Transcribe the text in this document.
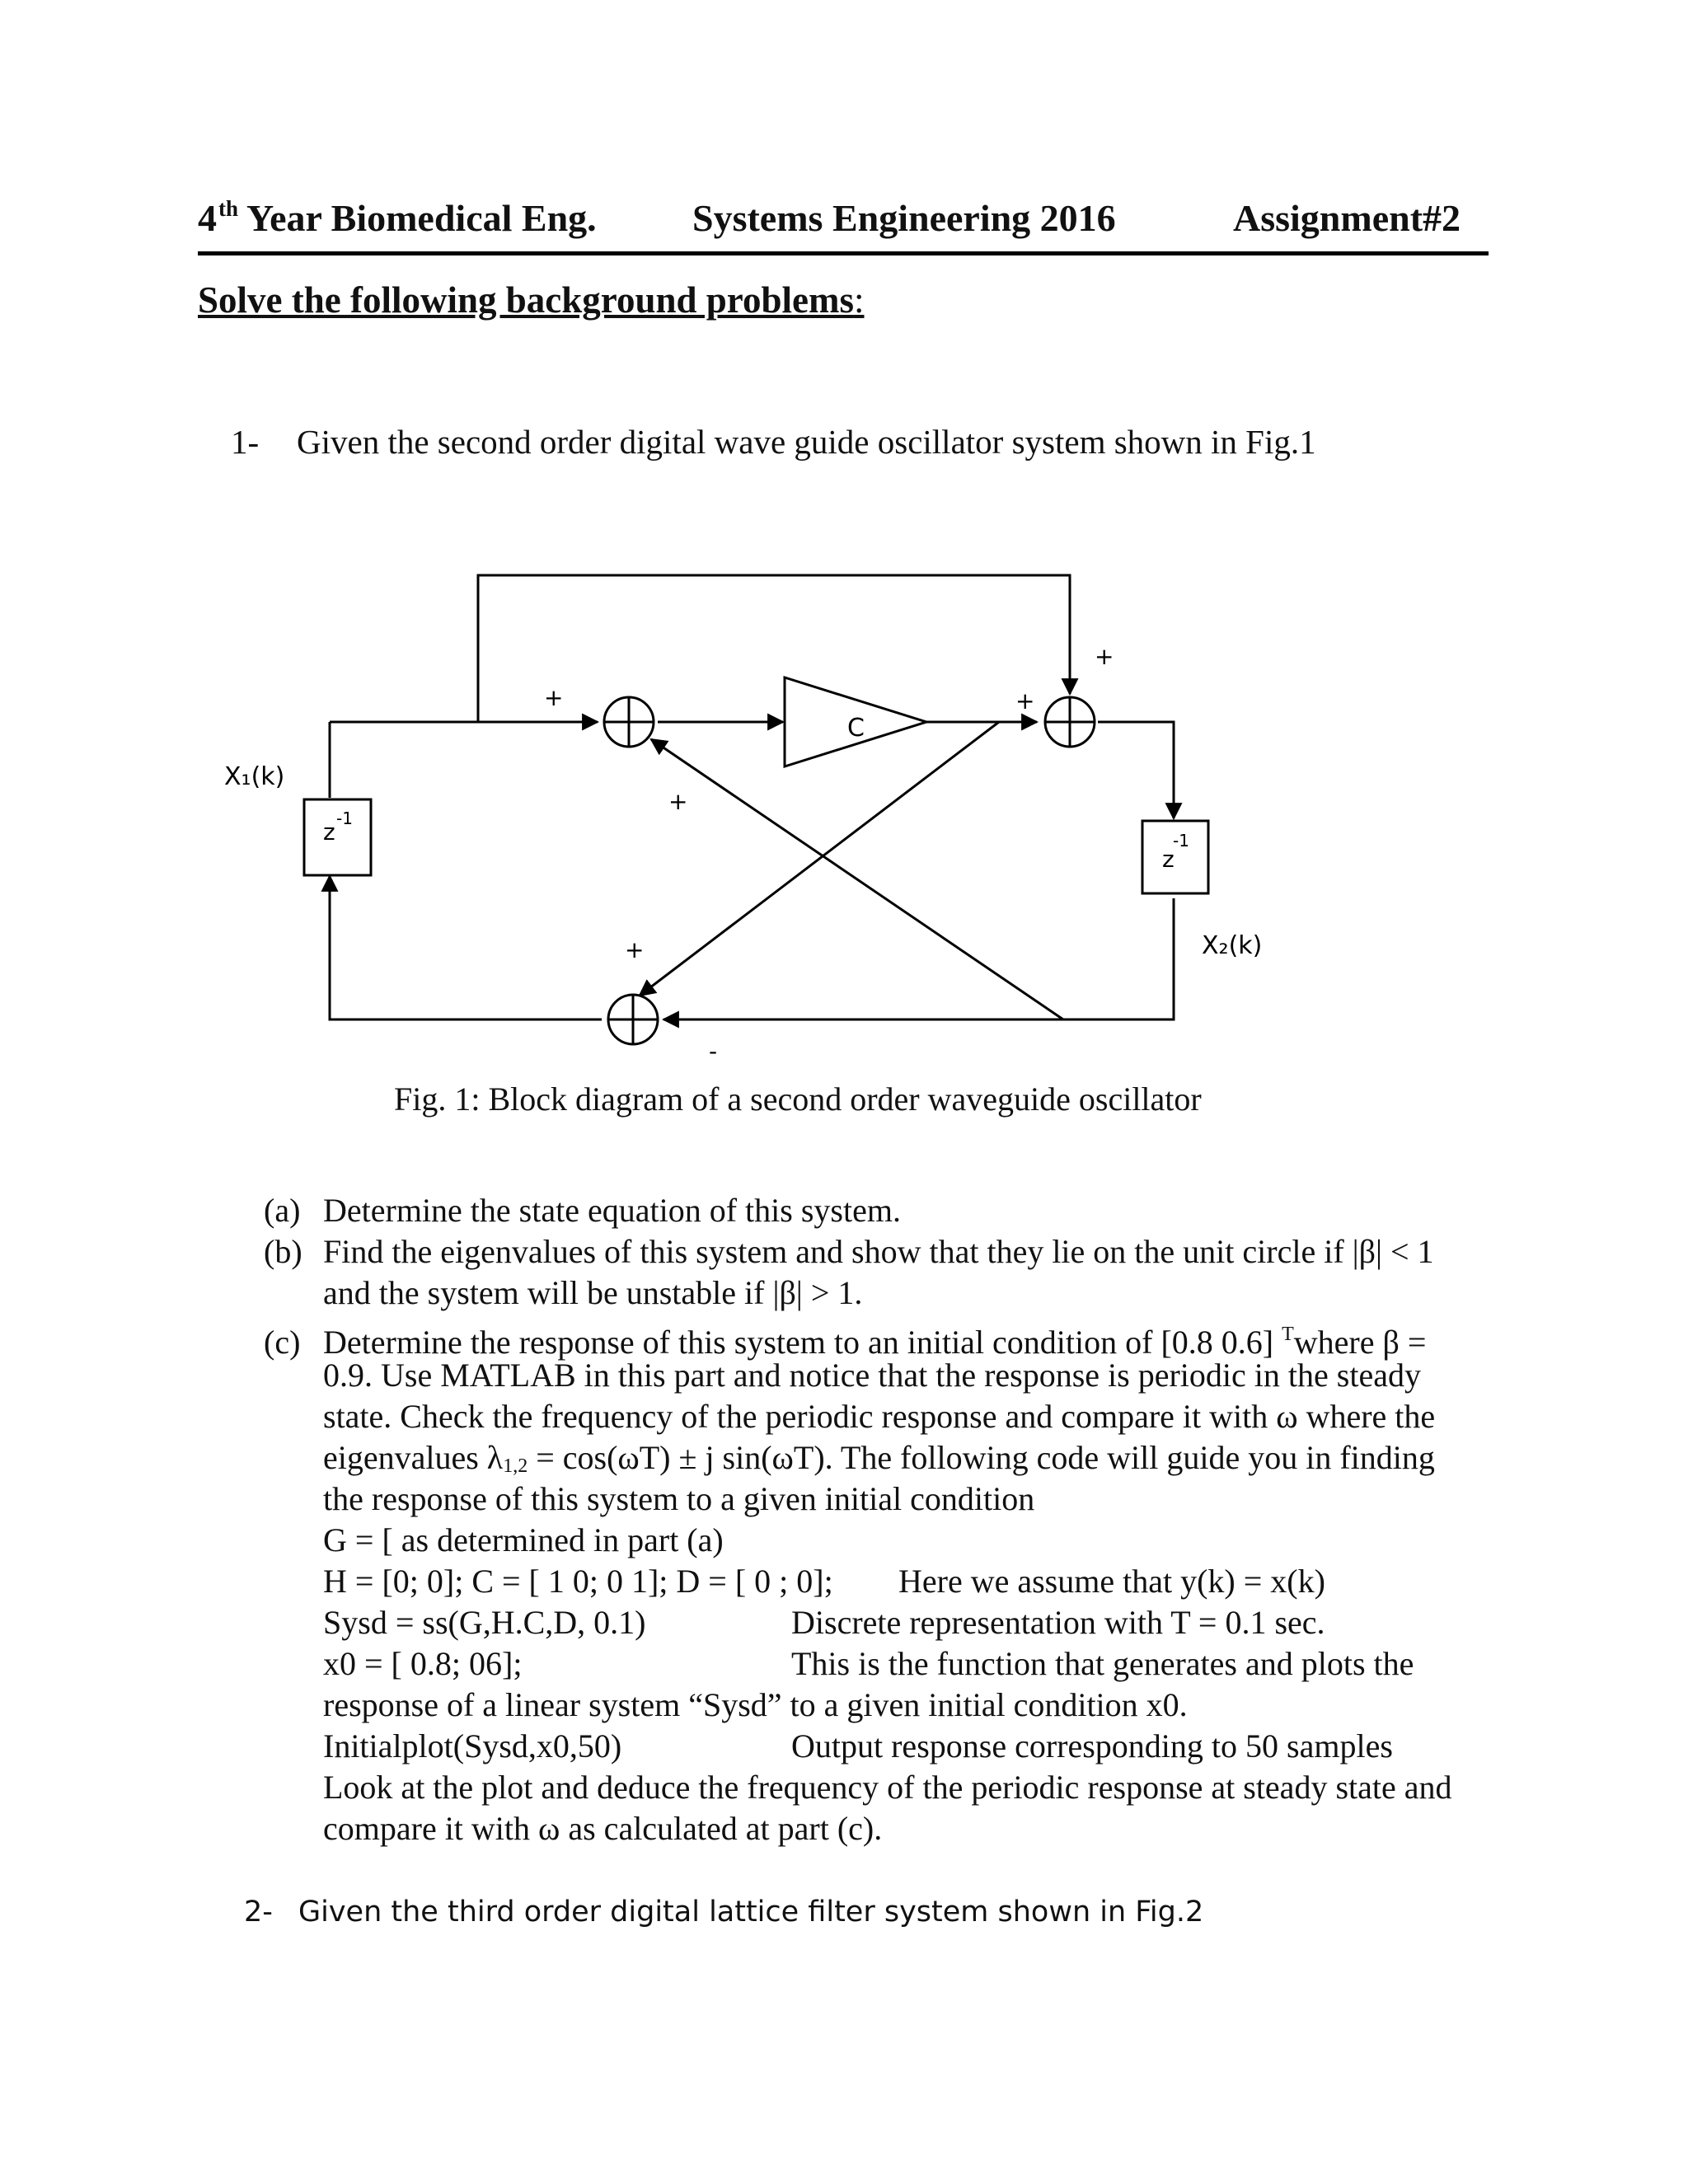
4th Year Biomedical Eng.	Systems Engineering 2016	Assignment#2
Solve the following background problems:
1- Given the second order digital wave guide oscillator system shown in Fig.1
C
z -1
-1
z
X₁(k)
X₂(k)
+
+
+
+
+
-
Fig. 1: Block diagram of a second order waveguide oscillator
(a) Determine the state equation of this system.
(b) Find the eigenvalues of this system and show that they lie on the unit circle if |β| < 1
and the system will be unstable if |β| > 1.
(c) Determine the response of this system to an initial condition of [0.8 0.6] $^T$where β =
0.9. Use MATLAB in this part and notice that the response is periodic in the steady
state. Check the frequency of the periodic response and compare it with ω where the
eigenvalues $\lambda_{1,2} = \cos(\omega T) \pm j$ sin(ωT). The following code will guide you in finding
the response of this system to a given initial condition
G = [ as determined in part (a)
H = [0; 0]; C = [ 1 0; 0 1]; D = [ 0 ; 0]; Here we assume that y(k) = x(k)
Sysd = ss(G,H.C,D, 0.1)	Discrete representation with T = 0.1 sec.
x0 = [ 0.8; 06];	This is the function that generates and plots the
response of a linear system “Sysd” to a given initial condition x0.
Initialplot(Sysd,x0,50)	Output response corresponding to 50 samples
Look at the plot and deduce the frequency of the periodic response at steady state and
compare it with ω as calculated at part (c).
2- Given the third order digital lattice filter system shown in Fig.2
